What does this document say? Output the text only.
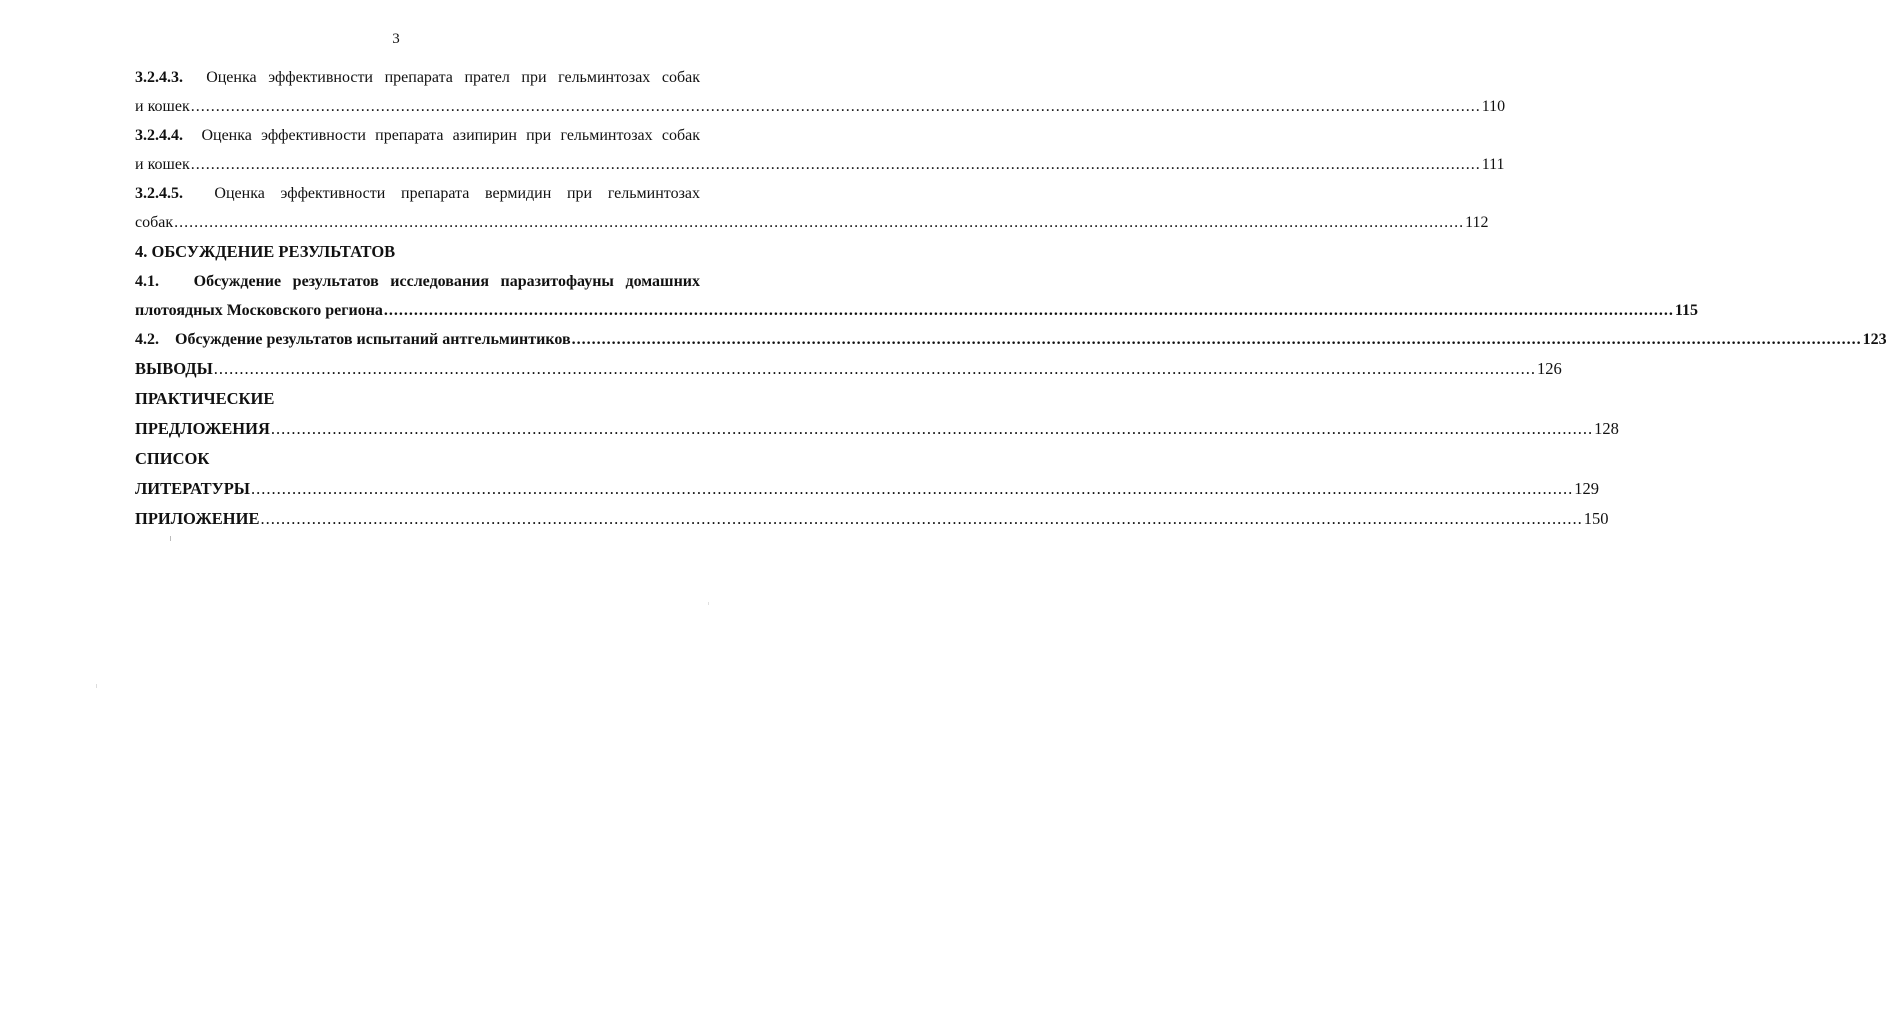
3
3.2.4.3. Оценка эффективности препарата прател при гельминтозах собак
и кошек .....	110
3.2.4.4. Оценка эффективности препарата азипирин при гельминтозах собак
и кошек .....	111
3.2.4.5. Оценка эффективности препарата вермидин при гельминтозах
собак .....	112
4. ОБСУЖДЕНИЕ РЕЗУЛЬТАТОВ
4.1. Обсуждение результатов исследования паразитофауны домашних
плотоядных Московского региона .....	115
4.2.
Обсуждение результатов испытаний антгельминтиков .....	123
ВЫВОДЫ .....	126
ПРАКТИЧЕСКИЕ ПРЕДЛОЖЕНИЯ .....	128
СПИСОК ЛИТЕРАТУРЫ .....	129
ПРИЛОЖЕНИЕ .....	150
